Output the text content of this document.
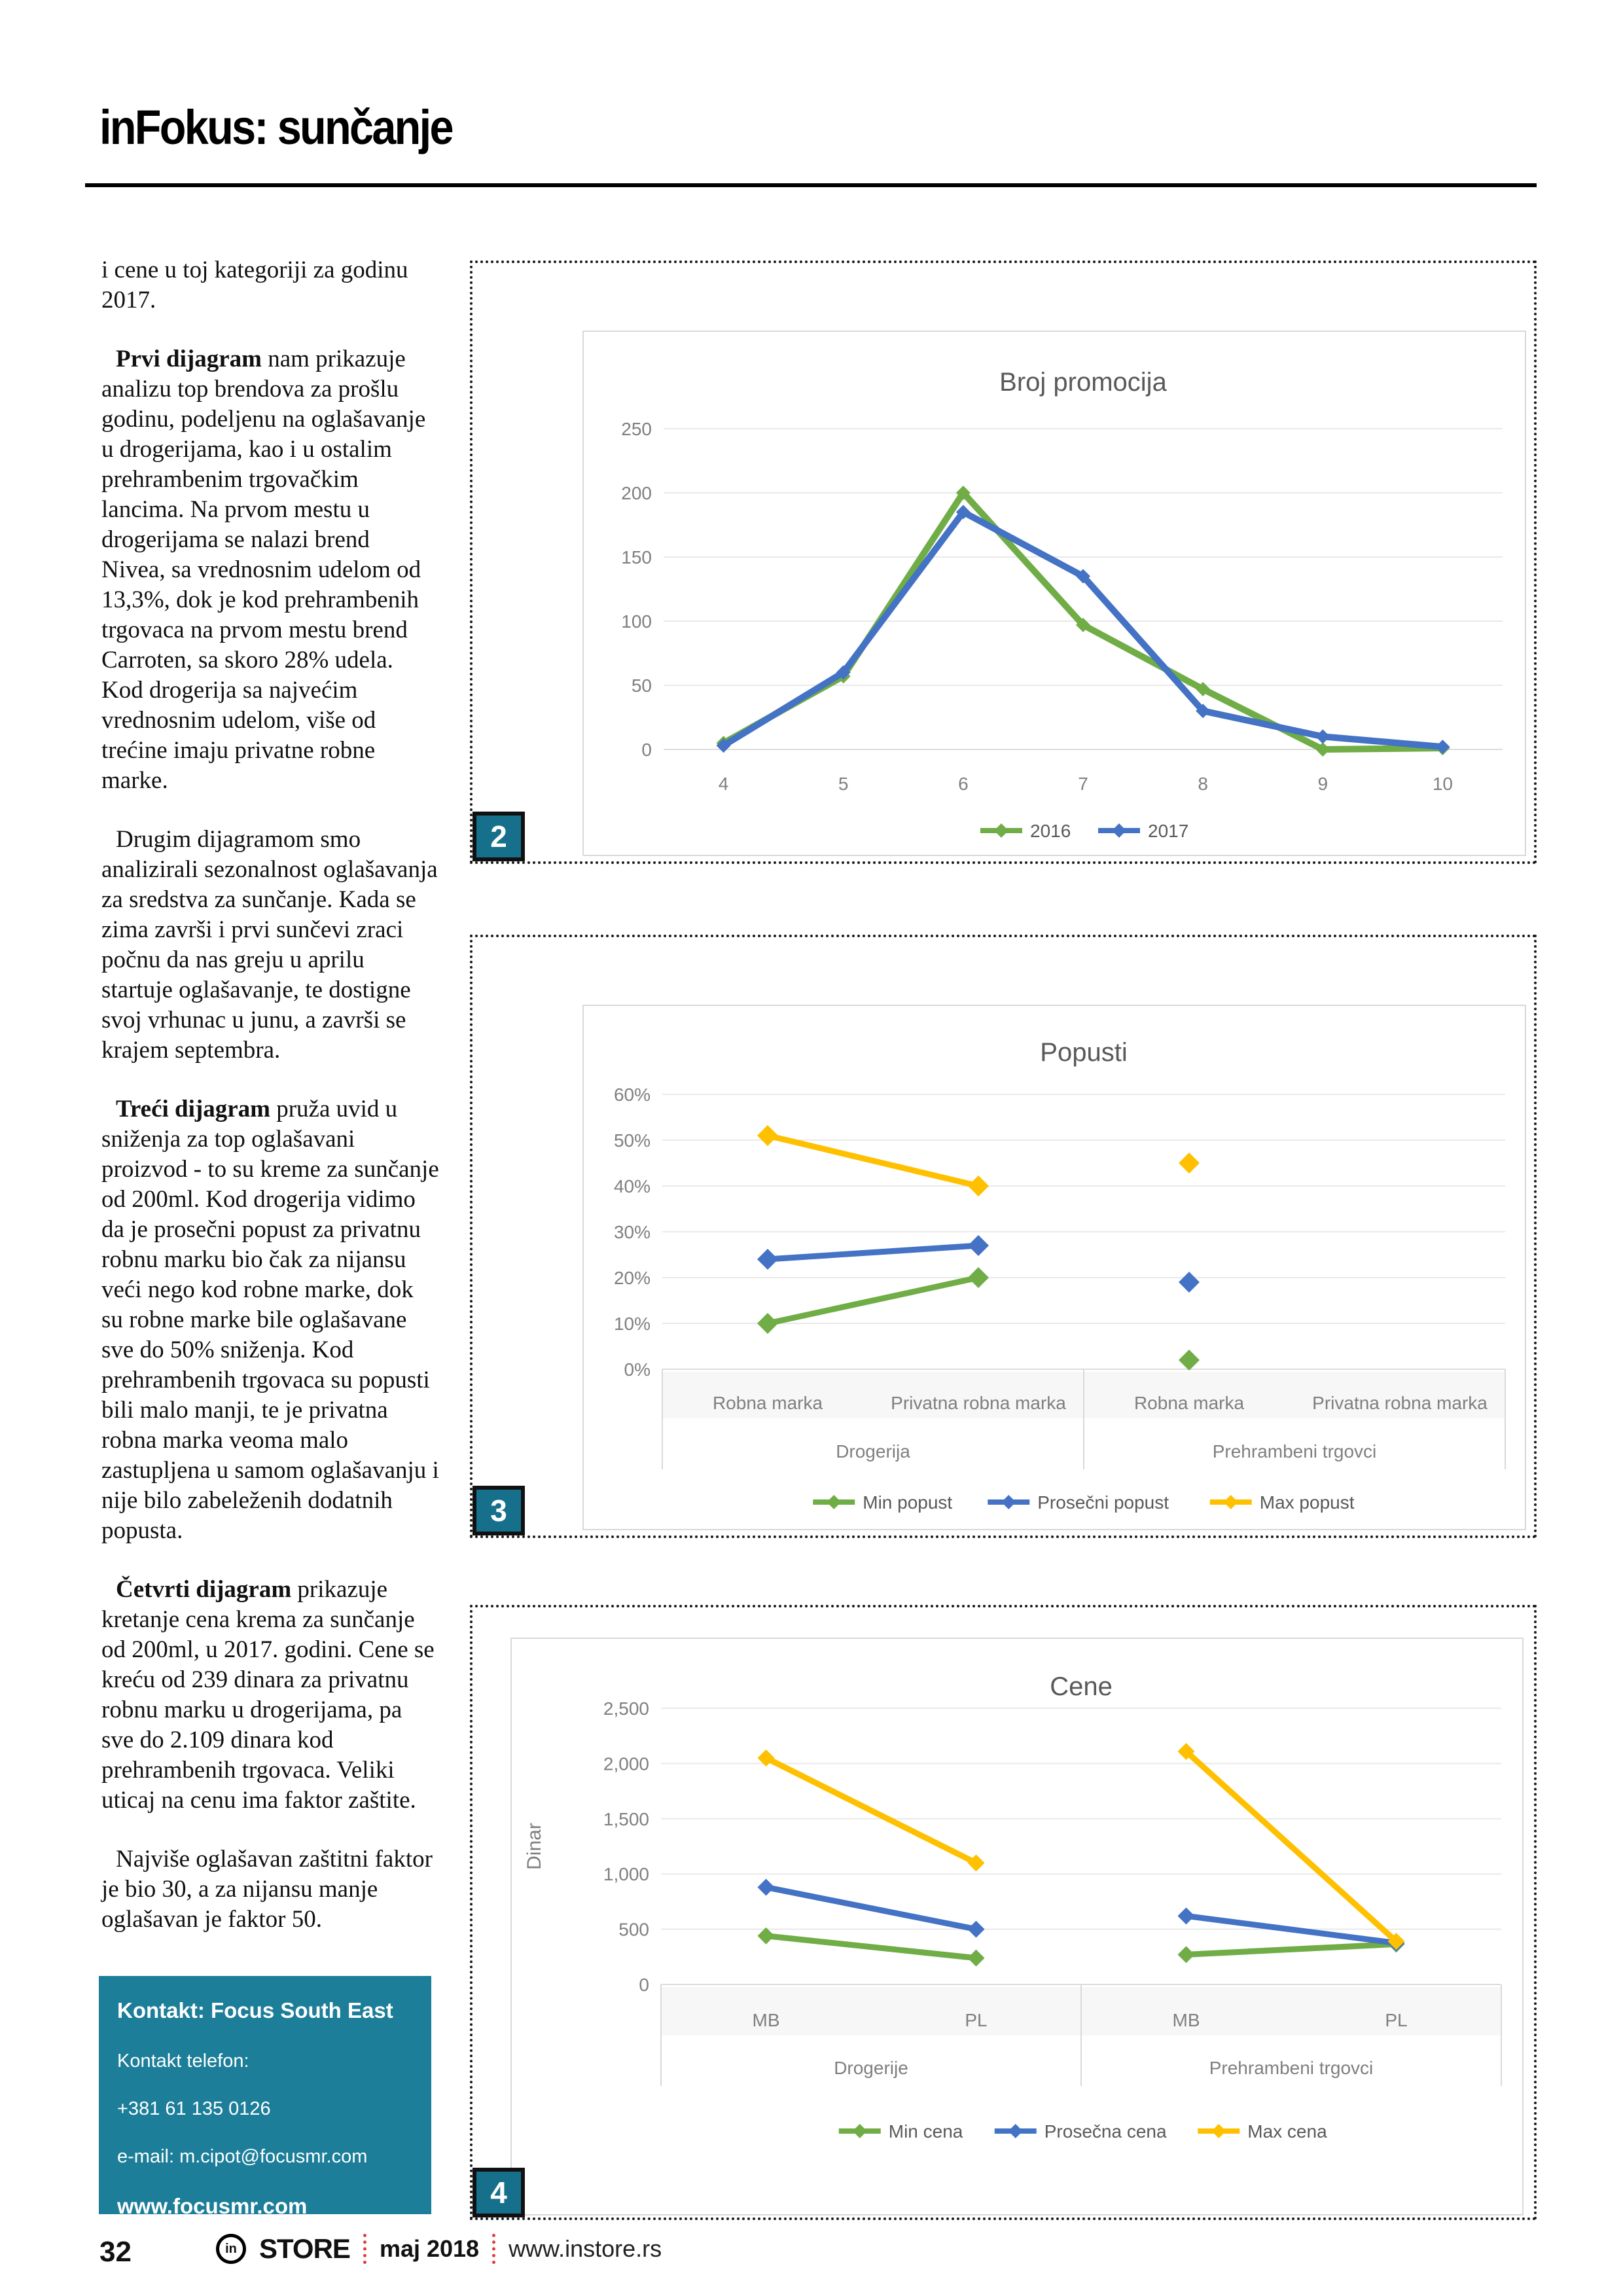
inFokus: sunčanje
i cene u toj kategoriji za godinu 2017.
Prvi dijagram nam prikazuje analizu top brendova za prošlu godinu, podeljenu na oglašavanje u drogerijama, kao i u ostalim prehrambenim trgovačkim lancima. Na prvom mestu u drogerijama se nalazi brend Nivea, sa vrednosnim udelom od 13,3%, dok je kod prehrambenih trgovaca na prvom mestu brend Carroten, sa skoro 28% udela. Kod drogerija sa najvećim vrednosnim udelom, više od trećine imaju privatne robne marke.
Drugim dijagramom smo analizirali sezonalnost oglašavanja za sredstva za sunčanje. Kada se zima završi i prvi sunčevi zraci počnu da nas greju u aprilu startuje oglašavanje, te dostigne svoj vrhunac u junu, a završi se krajem septembra.
Treći dijagram pruža uvid u sniženja za top oglašavani proizvod - to su kreme za sunčanje od 200ml. Kod drogerija vidimo da je prosečni popust za privatnu robnu marku bio čak za nijansu veći nego kod robne marke, dok su robne marke bile oglašavane sve do 50% sniženja. Kod prehrambenih trgovaca su popusti bili malo manji, te je privatna robna marka veoma malo zastupljena u samom oglašavanju i nije bilo zabeleženih dodatnih popusta.
Četvrti dijagram prikazuje kretanje cena krema za sunčanje od 200ml, u 2017. godini. Cene se kreću od 239 dinara za privatnu robnu marku u drogerijama, pa sve do 2.109 dinara kod prehrambenih trgovaca. Veliki uticaj na cenu ima faktor zaštite.
Najviše oglašavan zaštitni faktor je bio 30, a za nijansu manje oglašavan je faktor 50.
0
50
100
150
200
250
4	5	6	7	8	9	10
Broj promocija
2016	2017
2
0%
10%
20%
30%
40%
50%
60%
Robna marka	Privatna robna marka	Robna marka	Privatna robna marka
Drogerija	Prehrambeni trgovci
Popusti
Min popust	Prosečni popust	Max popust
3
0
500
1,000
1,500
2,000
2,500
MB	PL	MB	PL
Drogerije	Prehrambeni trgovci
Cene
Dinar
Min cena	Prosečna cena	Max cena
4
Kontakt: Focus South East
Kontakt telefon:
+381 61 135 0126
e-mail: m.cipot@focusmr.com
www.focusmr.com
32	in STORE maj 2018 www.instore.rs
